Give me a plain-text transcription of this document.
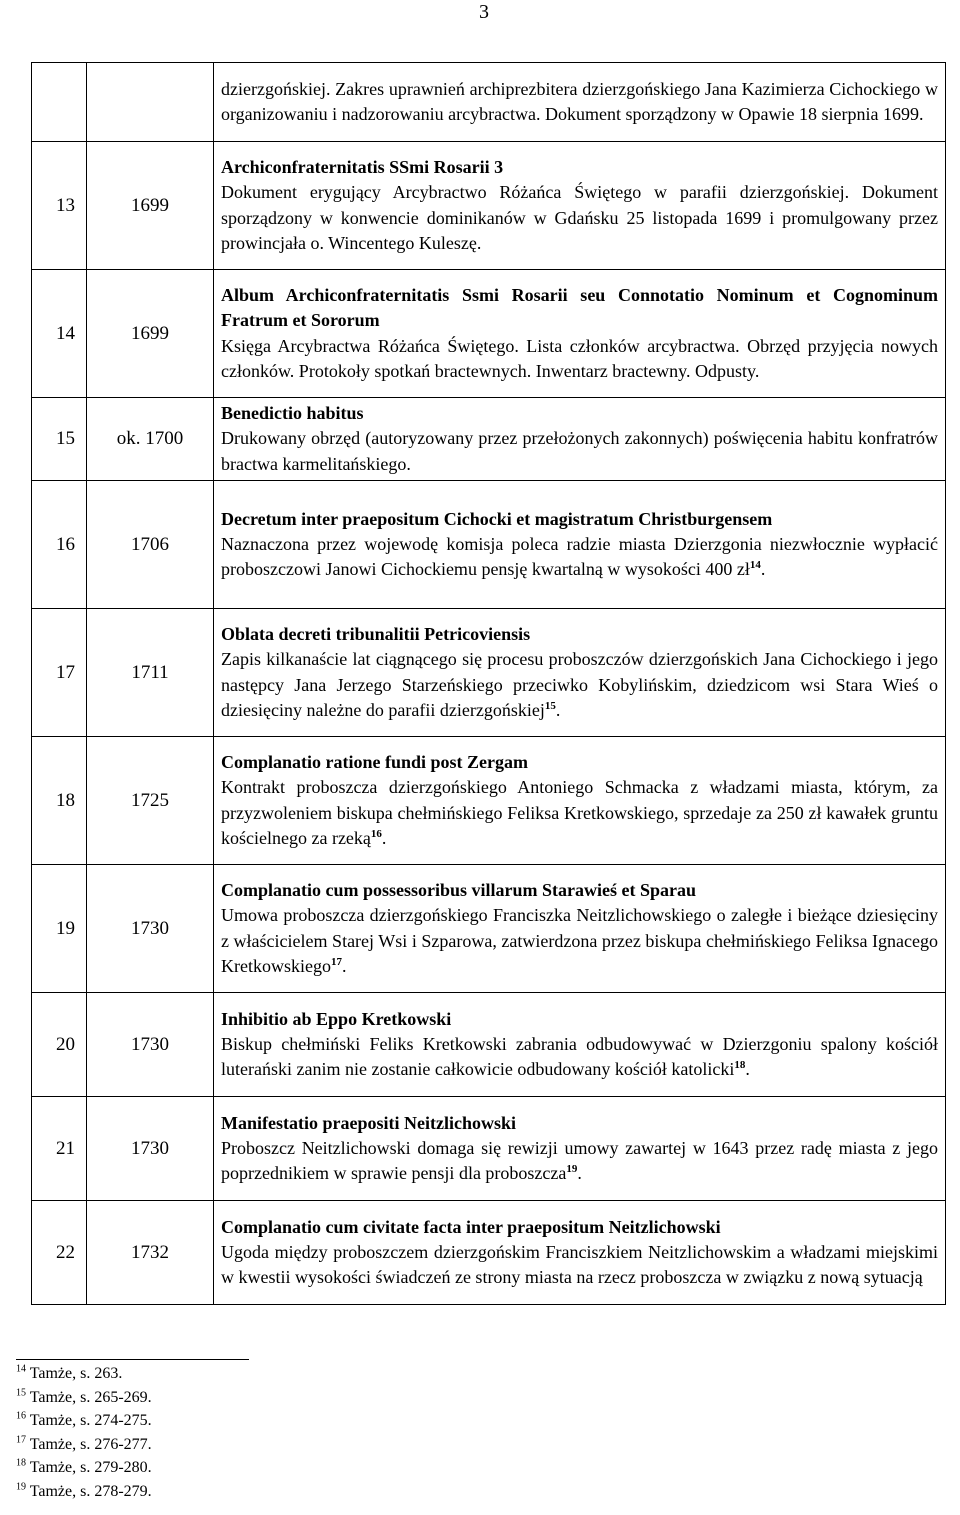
3

		dzierzgońskiej. Zakres uprawnień archiprezbitera dzierzgońskiego Jana Kazimierza Cichockiego w organizowaniu i nadzorowaniu arcybractwa. Dokument sporządzony w Opawie 18 sierpnia 1699.

13	1699	Archiconfraternitatis SSmi Rosarii 3
Dokument erygujący Arcybractwo Różańca Świętego w parafii dzierzgońskiej. Dokument sporządzony w konwencie dominikanów w Gdańsku 25 listopada 1699 i promulgowany przez prowincjała o. Wincentego Kuleszę.

14	1699	Album Archiconfraternitatis Ssmi Rosarii seu Connotatio Nominum et Cognominum Fratrum et Sororum
Księga Arcybractwa Różańca Świętego. Lista członków arcybractwa. Obrzęd przyjęcia nowych członków. Protokoły spotkań bractewnych. Inwentarz bractewny. Odpusty.

15	ok. 1700	Benedictio habitus
Drukowany obrzęd (autoryzowany przez przełożonych zakonnych) poświęcenia habitu konfratrów bractwa karmelitańskiego.

16	1706	Decretum inter praepositum Cichocki et magistratum Christburgensem
Naznaczona przez wojewodę komisja poleca radzie miasta Dzierzgonia niezwłocznie wypłacić proboszczowi Janowi Cichockiemu pensję kwartalną w wysokości 400 $zł^{14}$.

17	1711	Oblata decreti tribunalitii Petricoviensis
Zapis kilkanaście lat ciągnącego się procesu proboszczów dzierzgońskich Jana Cichockiego i jego następcy Jana Jerzego Starzeńskiego przeciwko Kobylińskim, dziedzicom wsi Stara Wieś o dziesięciny należne do parafii dzierzgońskiej$^{15}$.

18	1725	Complanatio ratione fundi post Zergam
Kontrakt proboszcza dzierzgońskiego Antoniego Schmacka z władzami miasta, którym, za przyzwoleniem biskupa chełmińskiego Feliksa Kretkowskiego, sprzedaje za 250 zł kawałek gruntu kościelnego za rzeką$^{16}$.

19	1730	Complanatio cum possessoribus villarum Starawieś et Sparau
Umowa proboszcza dzierzgońskiego Franciszka Neitzlichowskiego o zaległe i bieżące dziesięciny z właścicielem Starej Wsi i Szparowa, zatwierdzona przez biskupa chełmińskiego Feliksa Ignacego Kretkowskiego$^{17}$.

20	1730	Inhibitio ab Eppo Kretkowski
Biskup chełmiński Feliks Kretkowski zabrania odbudowywać w Dzierzgoniu spalony kościół luterański zanim nie zostanie całkowicie odbudowany kościół katolicki$^{18}$.

21	1730	Manifestatio praepositi Neitzlichowski
Proboszcz Neitzlichowski domaga się rewizji umowy zawartej w 1643 przez radę miasta z jego poprzednikiem w sprawie pensji dla proboszcza$^{19}$.

22	1732	Complanatio cum civitate facta inter praepositum Neitzlichowski
Ugoda między proboszczem dzierzgońskim Franciszkiem Neitzlichowskim a władzami miejskimi w kwestii wysokości świadczeń ze strony miasta na rzecz proboszcza w związku z nową sytuacją
$^{14}$ Tamże, s. 263.
$^{15}$ Tamże, s. 265-269.
$^{16}$ Tamże, s. 274-275.
$^{17}$ Tamże, s. 276-277.
$^{18}$ Tamże, s. 279-280.
$^{19}$ Tamże, s. 278-279.
